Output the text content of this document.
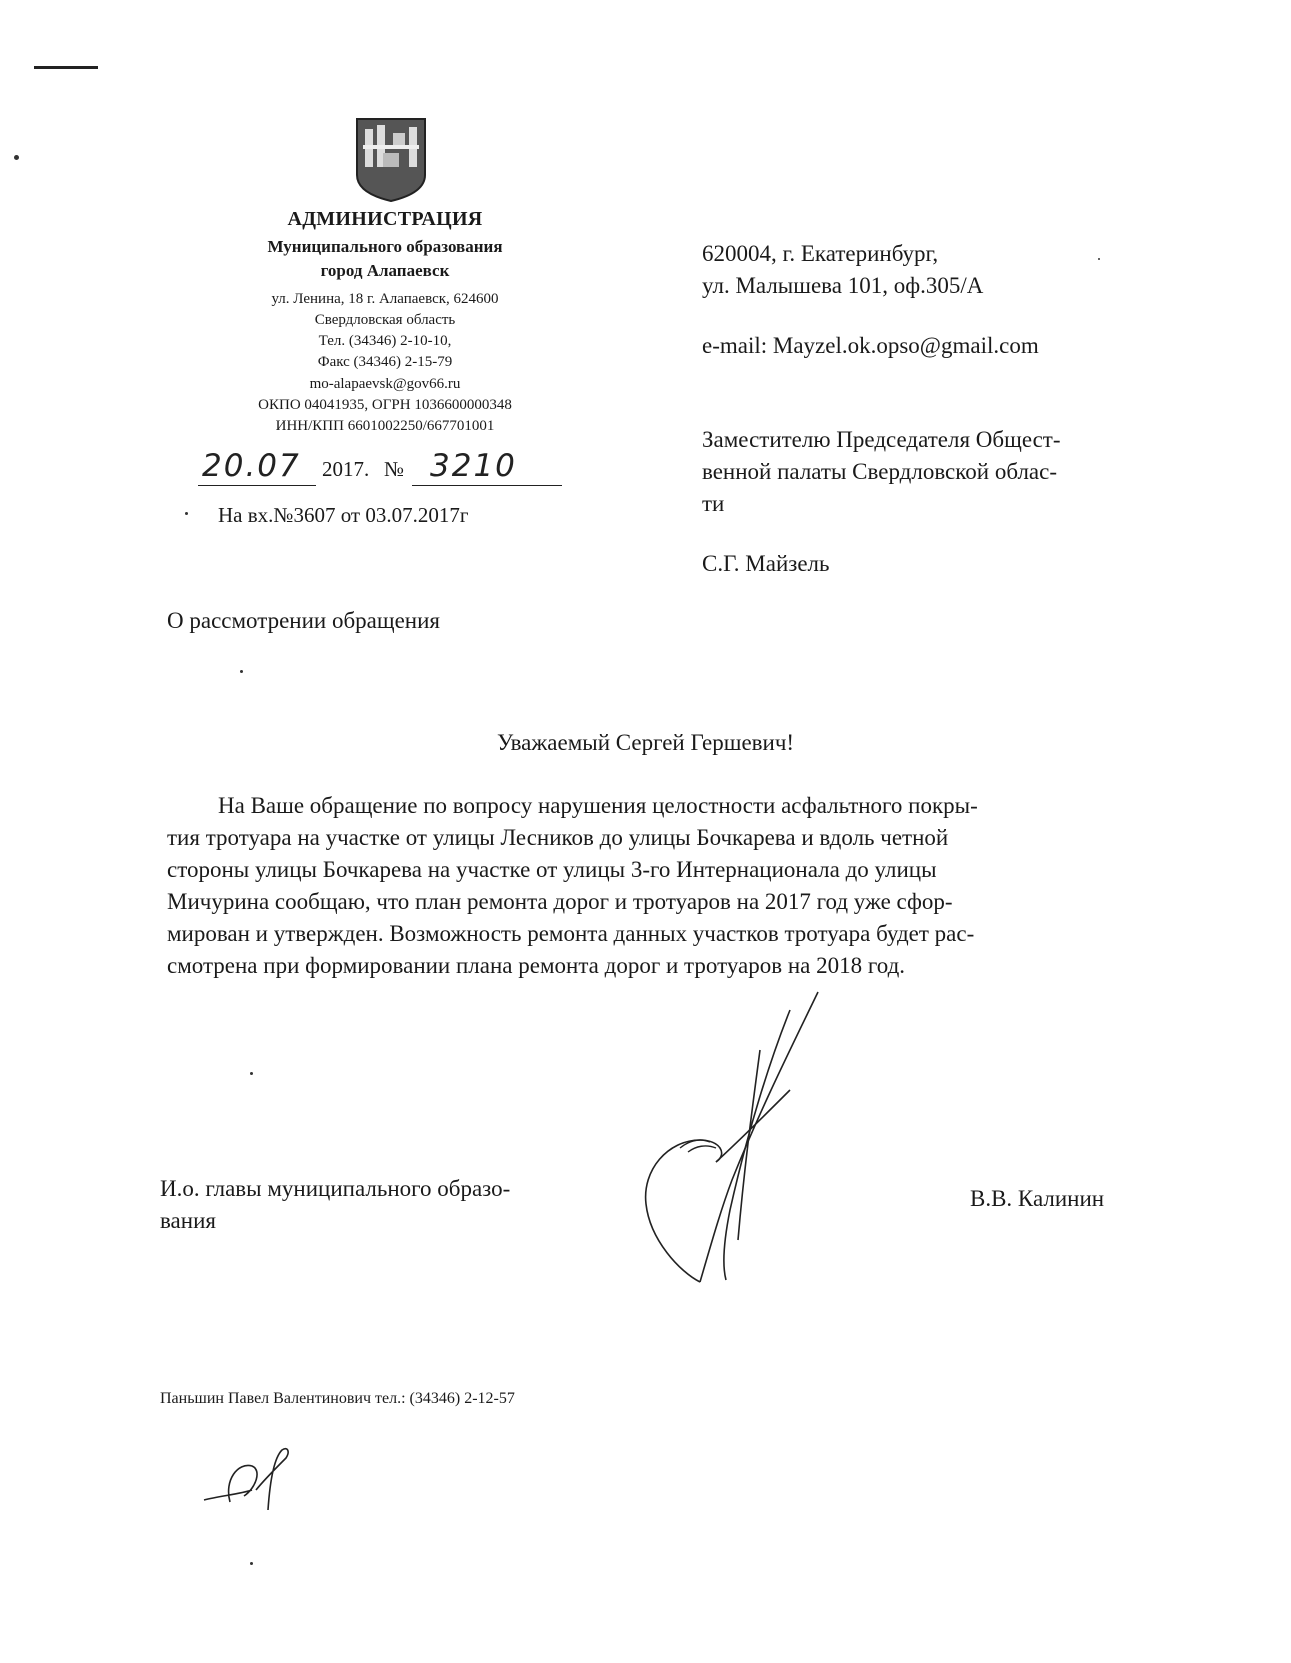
АДМИНИСТРАЦИЯ
Муниципального образования
город Алапаевск
ул. Ленина, 18 г. Алапаевск, 624600
Свердловская область
Тел. (34346) 2-10-10,
Факс (34346) 2-15-79
mo-alapaevsk@gov66.ru
ОКПО 04041935, ОГРН 1036600000348
ИНН/КПП 6601002250/667701001
20.07 2017. № 3210
На вх.№3607 от 03.07.2017г
620004, г. Екатеринбург,
ул. Малышева 101, оф.305/А
e-mail: Mayzel.ok.opso@gmail.com
Заместителю Председателя Общест-
венной палаты Свердловской облас-
ти
С.Г. Майзель
О рассмотрении обращения
Уважаемый Сергей Гершевич!
На Ваше обращение по вопросу нарушения целостности асфальтного покры-
тия тротуара на участке от улицы Лесников до улицы Бочкарева и вдоль четной
стороны улицы Бочкарева на участке от улицы 3-го Интернационала до улицы
Мичурина сообщаю, что план ремонта дорог и тротуаров на 2017 год уже сфор-
мирован и утвержден. Возможность ремонта данных участков тротуара будет рас-
смотрена при формировании плана ремонта дорог и тротуаров на 2018 год.
И.о. главы муниципального образо-
вания
В.В. Калинин
Паньшин Павел Валентинович тел.: (34346) 2-12-57
